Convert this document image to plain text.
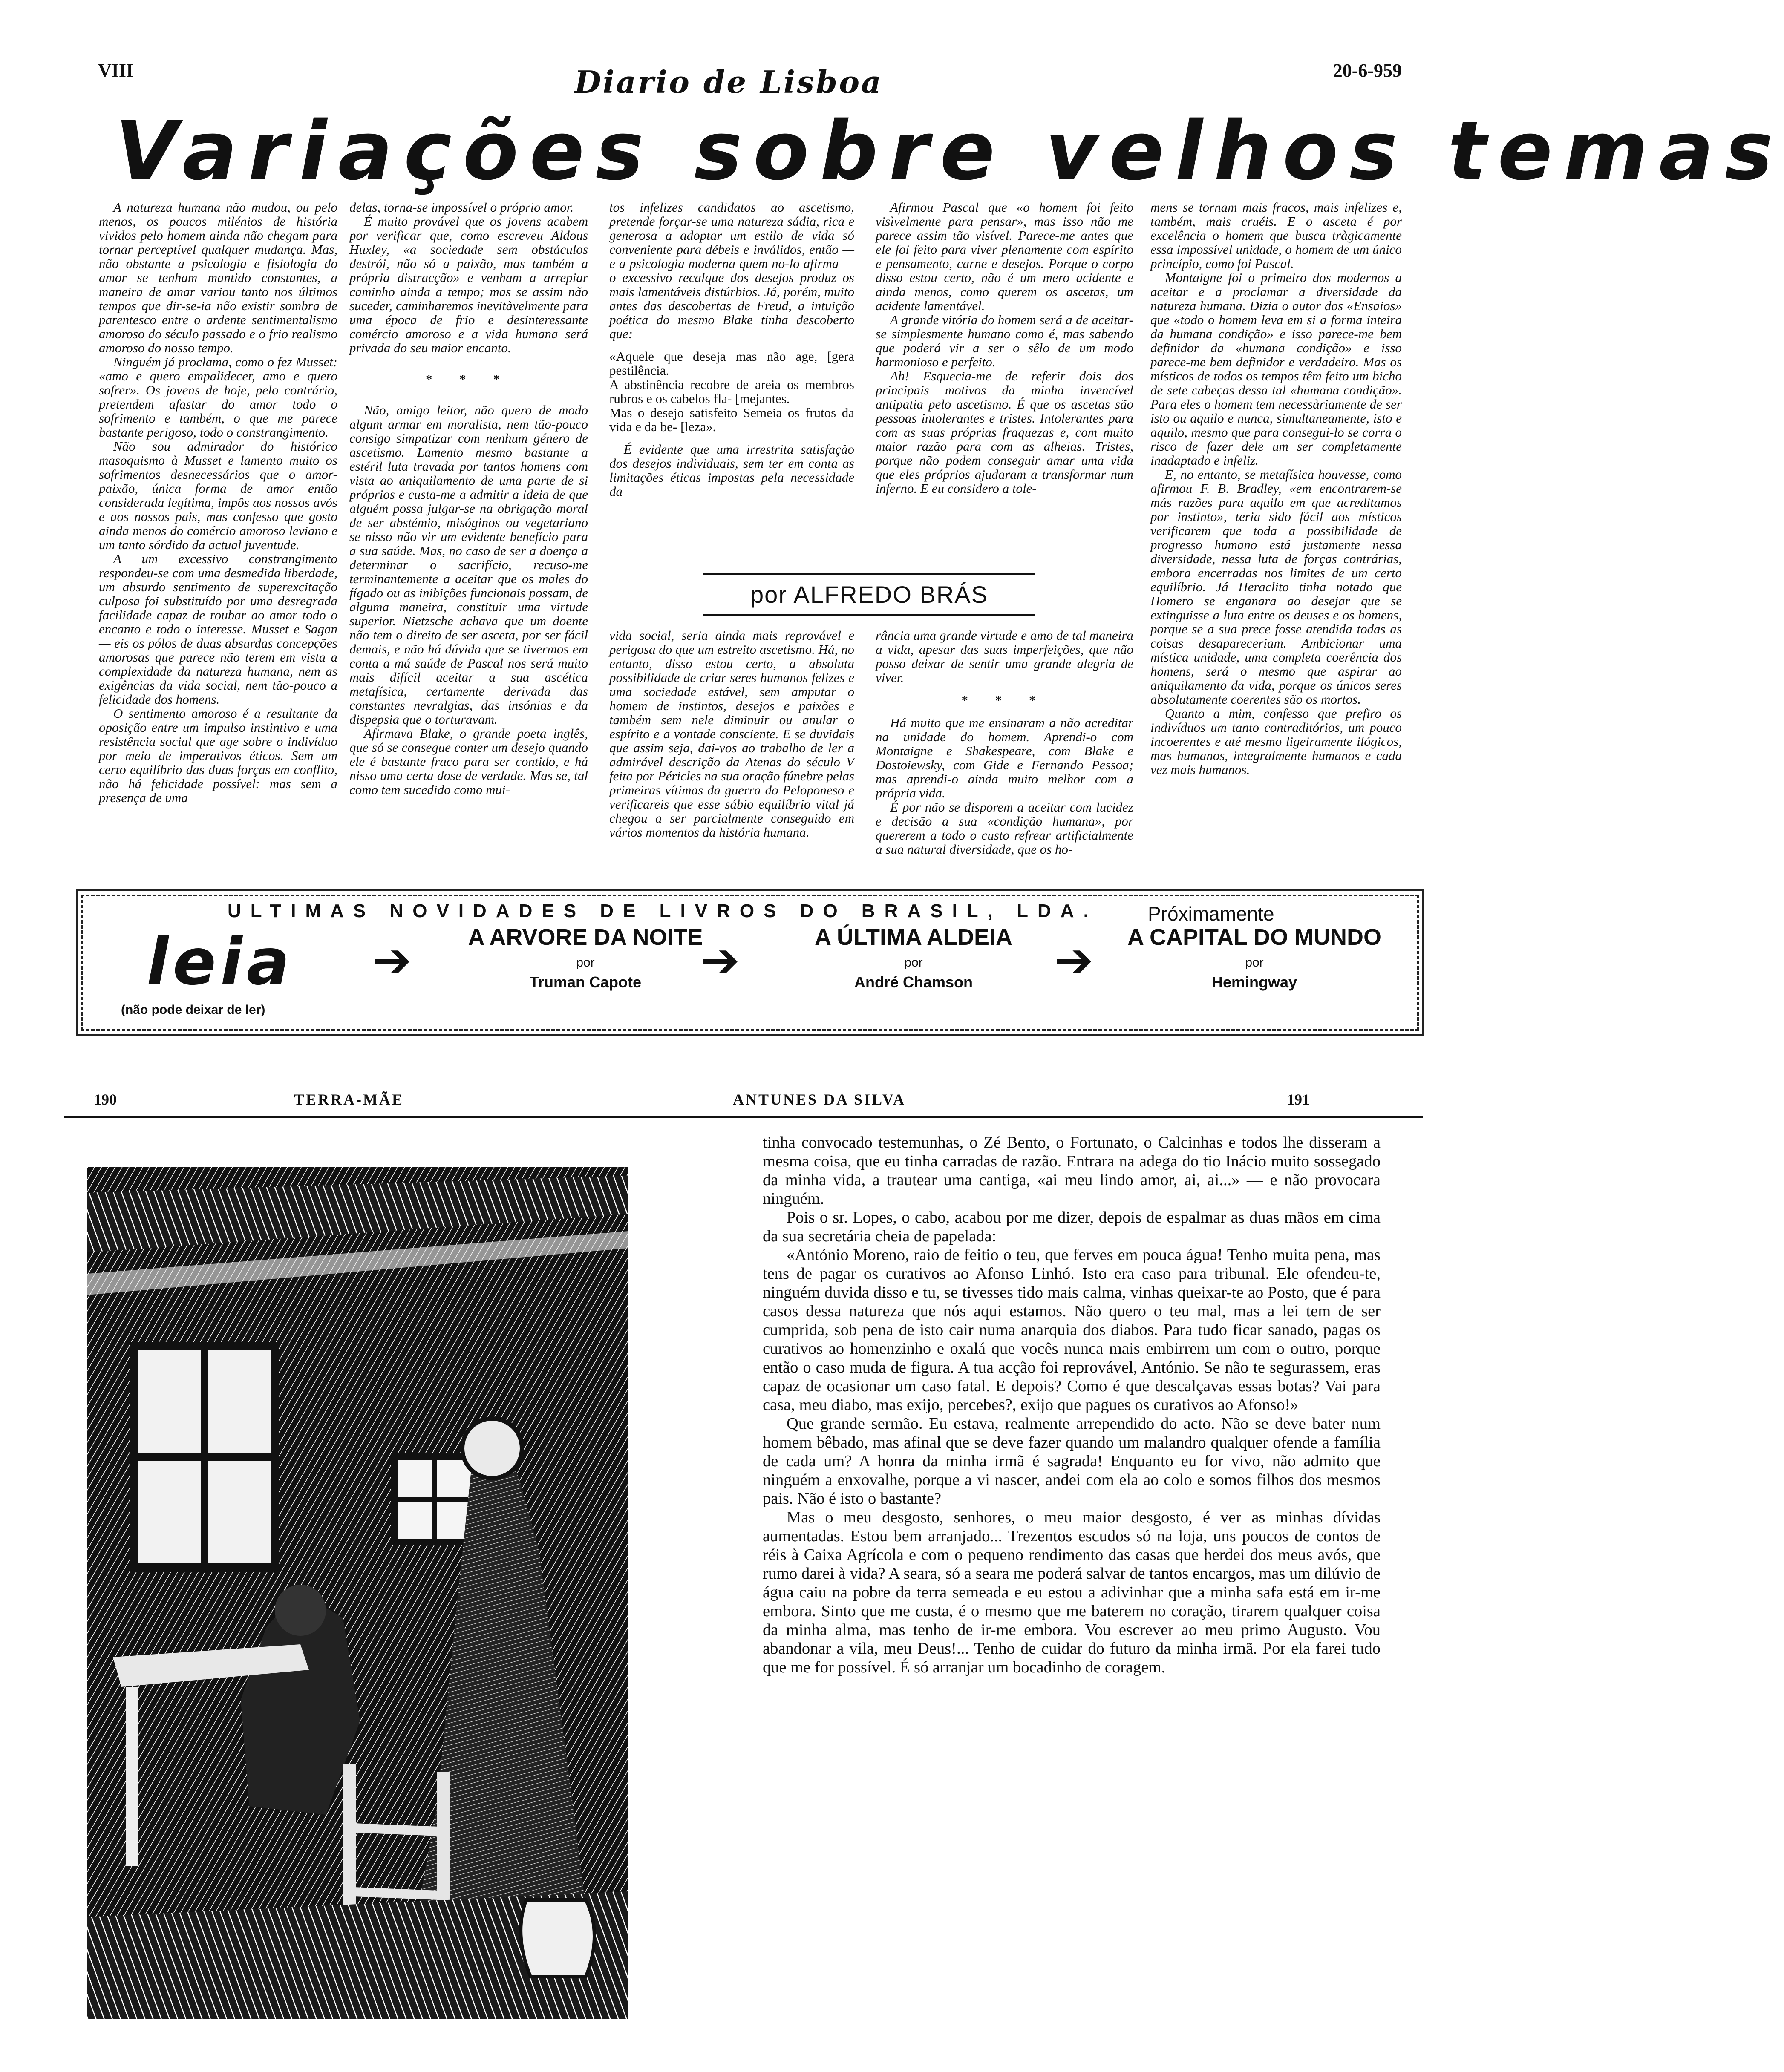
VIII	Diario de Lisboa	20-6-959
Variações sobre velhos temas

A natureza humana não mudou, ou pelo menos, os poucos milénios de história vividos pelo homem ainda não chegam para tornar perceptível qualquer mudança. Mas, não obstante a psicologia e fisiologia do amor se tenham mantido constantes, a maneira de amar variou tanto nos últimos tempos que dir-se-ia não existir sombra de parentesco entre o ardente sentimentalismo amoroso do século passado e o frio realismo amoroso do nosso tempo.

Ninguém já proclama, como o fez Musset: «amo e quero empalidecer, amo e quero sofrer». Os jovens de hoje, pelo contrário, pretendem afastar do amor todo o sofrimento e também, o que me parece bastante perigoso, todo o constrangimento.

Não sou admirador do histórico masoquismo à Musset e lamento muito os sofrimentos desnecessários que o amor-paixão, única forma de amor então considerada legítima, impôs aos nossos avós e aos nossos pais, mas confesso que gosto ainda menos do comércio amoroso leviano e um tanto sórdido da actual juventude.

A um excessivo constrangimento respondeu-se com uma desmedida liberdade, um absurdo sentimento de superexcitação culposa foi substituído por uma desregrada facilidade capaz de roubar ao amor todo o encanto e todo o interesse. Musset e Sagan — eis os pólos de duas absurdas concepções amorosas que parece não terem em vista a complexidade da natureza humana, nem as exigências da vida social, nem tão-pouco a felicidade dos homens.

O sentimento amoroso é a resultante da oposição entre um impulso instintivo e uma resistência social que age sobre o indivíduo por meio de imperativos éticos. Sem um certo equilíbrio das duas forças em conflito, não há felicidade possível: mas sem a presença de uma

delas, torna-se impossível o próprio amor.

É muito provável que os jovens acabem por verificar que, como escreveu Aldous Huxley, «a sociedade sem obstáculos destrói, não só a paixão, mas também a própria distracção» e venham a arrepiar caminho ainda a tempo; mas se assim não suceder, caminharemos inevitàvelmente para uma época de frio e desinteressante comércio amoroso e a vida humana será privada do seu maior encanto.

* * *

Não, amigo leitor, não quero de modo algum armar em moralista, nem tão-pouco consigo simpatizar com nenhum género de ascetismo. Lamento mesmo bastante a estéril luta travada por tantos homens com vista ao aniquilamento de uma parte de si próprios e custa-me a admitir a ideia de que alguém possa julgar-se na obrigação moral de ser abstémio, misóginos ou vegetariano se nisso não vir um evidente benefício para a sua saúde. Mas, no caso de ser a doença a determinar o sacrifício, recuso-me terminantemente a aceitar que os males do fígado ou as inibições funcionais possam, de alguma maneira, constituir uma virtude superior. Nietzsche achava que um doente não tem o direito de ser asceta, por ser fácil demais, e não há dúvida que se tivermos em conta a má saúde de Pascal nos será muito mais difícil aceitar a sua ascética metafísica, certamente derivada das constantes nevralgias, das insónias e da dispepsia que o torturavam.

Afirmava Blake, o grande poeta inglês, que só se consegue conter um desejo quando ele é bastante fraco para ser contido, e há nisso uma certa dose de verdade. Mas se, tal como tem sucedido como mui-

tos infelizes candidatos ao ascetismo, pretende forçar-se uma natureza sádia, rica e generosa a adoptar um estilo de vida só conveniente para débeis e inválidos, então — e a psicologia moderna quem no-lo afirma — o excessivo recalque dos desejos produz os mais lamentáveis distúrbios. Já, porém, muito antes das descobertas de Freud, a intuição poética do mesmo Blake tinha descoberto que:

«Aquele que deseja mas não age, [gera pestilência.

A abstinência recobre de areia os membros rubros e os cabelos fla- [mejantes.

Mas o desejo satisfeito Semeia os frutos da vida e da be- [leza».

É evidente que uma irrestrita satisfação dos desejos individuais, sem ter em conta as limitações éticas impostas pela necessidade da

Afirmou Pascal que «o homem foi feito visìvelmente para pensar», mas isso não me parece assim tão visível. Parece-me antes que ele foi feito para viver plenamente com espírito e pensamento, carne e desejos. Porque o corpo disso estou certo, não é um mero acidente e ainda menos, como querem os ascetas, um acidente lamentável.

A grande vitória do homem será a de aceitar-se simplesmente humano como é, mas sabendo que poderá vir a ser o sêlo de um modo harmonioso e perfeito.

Ah! Esquecia-me de referir dois dos principais motivos da minha invencível antipatia pelo ascetismo. É que os ascetas são pessoas intolerantes e tristes. Intolerantes para com as suas próprias fraquezas e, com muito maior razão para com as alheias. Tristes, porque não podem conseguir amar uma vida que eles próprios ajudaram a transformar num inferno. E eu considero a tole-

por ALFREDO BRÁS

vida social, seria ainda mais reprovável e perigosa do que um estreito ascetismo. Há, no entanto, disso estou certo, a absoluta possibilidade de criar seres humanos felizes e uma sociedade estável, sem amputar o homem de instintos, desejos e paixões e também sem nele diminuir ou anular o espírito e a vontade consciente. E se duvidais que assim seja, dai-vos ao trabalho de ler a admirável descrição da Atenas do século V feita por Péricles na sua oração fúnebre pelas primeiras vítimas da guerra do Peloponeso e verificareis que esse sábio equilíbrio vital já chegou a ser parcialmente conseguido em vários momentos da história humana.

rância uma grande virtude e amo de tal maneira a vida, apesar das suas imperfeições, que não posso deixar de sentir uma grande alegria de viver.

* * *

Há muito que me ensinaram a não acreditar na unidade do homem. Aprendi-o com Montaigne e Shakespeare, com Blake e Dostoiewsky, com Gide e Fernando Pessoa; mas aprendi-o ainda muito melhor com a própria vida.

É por não se disporem a aceitar com lucidez e decisão a sua «condição humana», por quererem a todo o custo refrear artificialmente a sua natural diversidade, que os ho-

mens se tornam mais fracos, mais infelizes e, também, mais cruéis. E o asceta é por excelência o homem que busca tràgicamente essa impossível unidade, o homem de um único princípio, como foi Pascal.

Montaigne foi o primeiro dos modernos a aceitar e a proclamar a diversidade da natureza humana. Dizia o autor dos «Ensaios» que «todo o homem leva em si a forma inteira da humana condição» e isso parece-me bem definidor da «humana condição» e isso parece-me bem definidor e verdadeiro. Mas os místicos de todos os tempos têm feito um bicho de sete cabeças dessa tal «humana condição». Para eles o homem tem necessàriamente de ser isto ou aquilo e nunca, simultaneamente, isto e aquilo, mesmo que para consegui-lo se corra o risco de fazer dele um ser completamente inadaptado e infeliz.

E, no entanto, se metafísica houvesse, como afirmou F. B. Bradley, «em encontrarem-se más razões para aquilo em que acreditamos por instinto», teria sido fácil aos místicos verificarem que toda a possibilidade de progresso humano está justamente nessa diversidade, nessa luta de forças contrárias, embora encerradas nos limites de um certo equilíbrio. Já Heraclito tinha notado que Homero se enganara ao desejar que se extinguisse a luta entre os deuses e os homens, porque se a sua prece fosse atendida todas as coisas desapareceriam. Ambicionar uma mística unidade, uma completa coerência dos homens, será o mesmo que aspirar ao aniquilamento da vida, porque os únicos seres absolutamente coerentes são os mortos.

Quanto a mim, confesso que prefiro os indivíduos um tanto contraditórios, um pouco incoerentes e até mesmo ligeiramente ilógicos, mas humanos, integralmente humanos e cada vez mais humanos.

ULTIMAS NOVIDADES DE LIVROS DO BRASIL, LDA.	Próximamente
leia
(não pode deixar de ler)
➔	A ARVORE DA NOITE
por
Truman Capote	➔	A ÚLTIMA ALDEIA
por
André Chamson	➔ A CAPITAL DO MUNDO
por
Hemingway
190	TERRA-MÃE	ANTUNES DA SILVA	191

tinha convocado testemunhas, o Zé Bento, o Fortunato, o Calcinhas e todos lhe disseram a mesma coisa, que eu tinha carradas de razão. Entrara na adega do tio Inácio muito sossegado da minha vida, a trautear uma cantiga, «ai meu lindo amor, ai, ai...» — e não provocara ninguém.

Pois o sr. Lopes, o cabo, acabou por me dizer, depois de espalmar as duas mãos em cima da sua secretária cheia de papelada:

«António Moreno, raio de feitio o teu, que ferves em pouca água! Tenho muita pena, mas tens de pagar os curativos ao Afonso Linhó. Isto era caso para tribunal. Ele ofendeu-te, ninguém duvida disso e tu, se tivesses tido mais calma, vinhas queixar-te ao Posto, que é para casos dessa natureza que nós aqui estamos. Não quero o teu mal, mas a lei tem de ser cumprida, sob pena de isto cair numa anarquia dos diabos. Para tudo ficar sanado, pagas os curativos ao homenzinho e oxalá que vocês nunca mais embirrem um com o outro, porque então o caso muda de figura. A tua acção foi reprovável, António. Se não te segurassem, eras capaz de ocasionar um caso fatal. E depois? Como é que descalçavas essas botas? Vai para casa, meu diabo, mas exijo, percebes?, exijo que pagues os curativos ao Afonso!»

Que grande sermão. Eu estava, realmente arrependido do acto. Não se deve bater num homem bêbado, mas afinal que se deve fazer quando um malandro qualquer ofende a família de cada um? A honra da minha irmã é sagrada! Enquanto eu for vivo, não admito que ninguém a enxovalhe, porque a vi nascer, andei com ela ao colo e somos filhos dos mesmos pais. Não é isto o bastante?

Mas o meu desgosto, senhores, o meu maior desgosto, é ver as minhas dívidas aumentadas. Estou bem arranjado... Trezentos escudos só na loja, uns poucos de contos de réis à Caixa Agrícola e com o pequeno rendimento das casas que herdei dos meus avós, que rumo darei à vida? A seara, só a seara me poderá salvar de tantos encargos, mas um dilúvio de água caiu na pobre da terra semeada e eu estou a adivinhar que a minha safa está em ir-me embora. Sinto que me custa, é o mesmo que me baterem no coração, tirarem qualquer coisa da minha alma, mas tenho de ir-me embora. Vou escrever ao meu primo Augusto. Vou abandonar a vila, meu Deus!... Tenho de cuidar do futuro da minha irmã. Por ela farei tudo que me for possível. É só arranjar um bocadinho de coragem.
